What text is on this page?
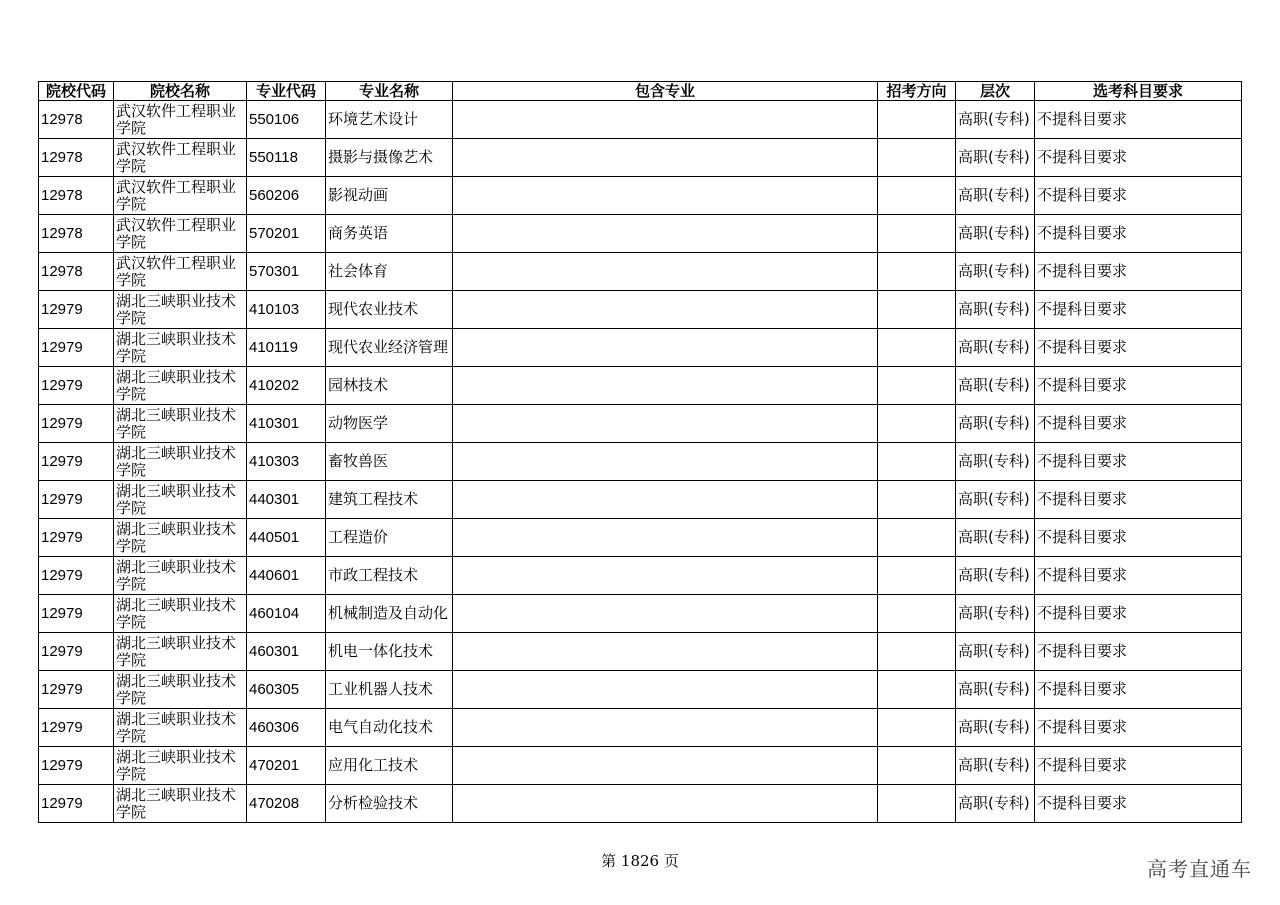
院校代码	院校名称	专业代码	专业名称	包含专业	招考方向	层次	选考科目要求
12978	武汉软件工程职业学院	550106	环境艺术设计			高职(专科)	不提科目要求
12978	武汉软件工程职业学院	550118	摄影与摄像艺术			高职(专科)	不提科目要求
12978	武汉软件工程职业学院	560206	影视动画			高职(专科)	不提科目要求
12978	武汉软件工程职业学院	570201	商务英语			高职(专科)	不提科目要求
12978	武汉软件工程职业学院	570301	社会体育			高职(专科)	不提科目要求
12979	湖北三峡职业技术学院	410103	现代农业技术			高职(专科)	不提科目要求
12979	湖北三峡职业技术学院	410119	现代农业经济管理			高职(专科)	不提科目要求
12979	湖北三峡职业技术学院	410202	园林技术			高职(专科)	不提科目要求
12979	湖北三峡职业技术学院	410301	动物医学			高职(专科)	不提科目要求
12979	湖北三峡职业技术学院	410303	畜牧兽医			高职(专科)	不提科目要求
12979	湖北三峡职业技术学院	440301	建筑工程技术			高职(专科)	不提科目要求
12979	湖北三峡职业技术学院	440501	工程造价			高职(专科)	不提科目要求
12979	湖北三峡职业技术学院	440601	市政工程技术			高职(专科)	不提科目要求
12979	湖北三峡职业技术学院	460104	机械制造及自动化			高职(专科)	不提科目要求
12979	湖北三峡职业技术学院	460301	机电一体化技术			高职(专科)	不提科目要求
12979	湖北三峡职业技术学院	460305	工业机器人技术			高职(专科)	不提科目要求
12979	湖北三峡职业技术学院	460306	电气自动化技术			高职(专科)	不提科目要求
12979	湖北三峡职业技术学院	470201	应用化工技术			高职(专科)	不提科目要求
12979	湖北三峡职业技术学院	470208	分析检验技术			高职(专科)	不提科目要求
第 1826 页	高考直通车
